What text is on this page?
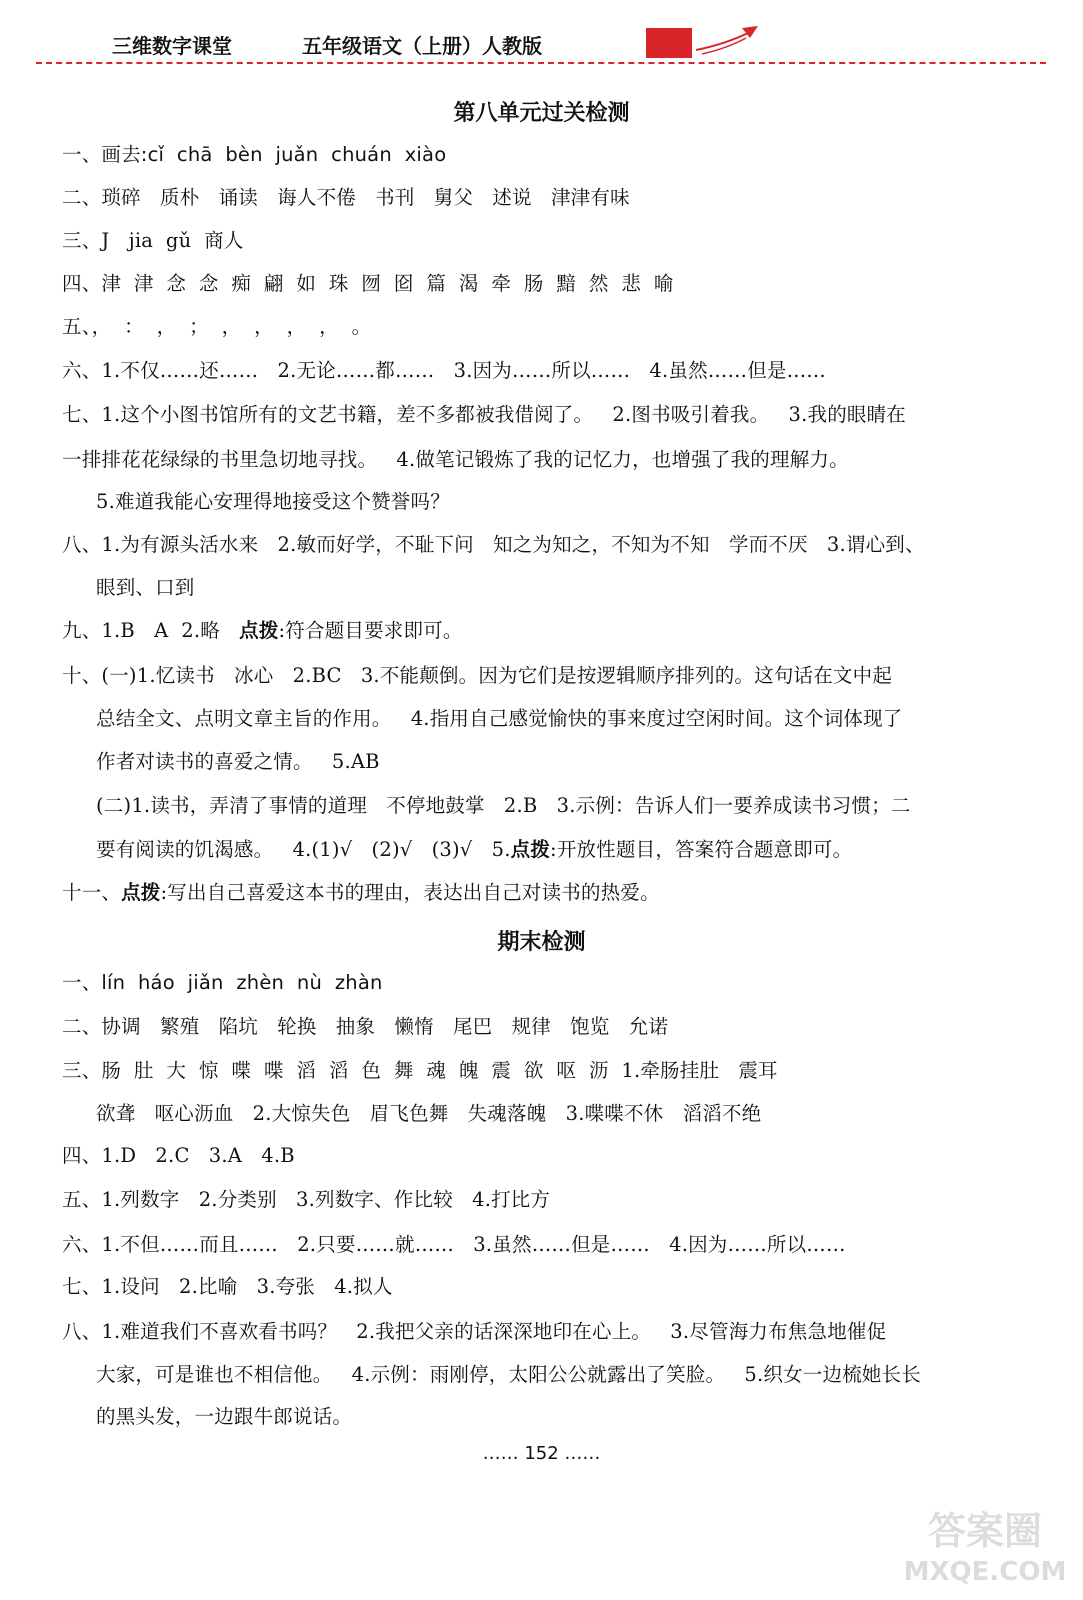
三维数字课堂	五年级语文（上册）人教版
第八单元过关检测
一、画去:cǐ  chā  bèn  juǎn  chuán  xiào
二、琐碎   质朴   诵读   诲人不倦   书刊   舅父   述说   津津有味
三、J   jia  gǔ  商人
四、津  津  念  念  痴  翩  如  珠  囫  囵  篇  渴  牵  肠  黯  然  悲  喻
五、，  ：  ，  ；  ，  ，  ，  ，  。
六、1.不仅……还……   2.无论……都……   3.因为……所以……   4.虽然……但是……
七、1.这个小图书馆所有的文艺书籍，差不多都被我借阅了。   2.图书吸引着我。   3.我的眼睛在
一排排花花绿绿的书里急切地寻找。   4.做笔记锻炼了我的记忆力，也增强了我的理解力。
5.难道我能心安理得地接受这个赞誉吗？
八、1.为有源头活水来   2.敏而好学，不耻下问   知之为知之，不知为不知   学而不厌   3.谓心到、
眼到、口到
九、1.B   A  2.略   点拨:符合题目要求即可。
十、(一)1.忆读书   冰心   2.BC   3.不能颠倒。因为它们是按逻辑顺序排列的。这句话在文中起
总结全文、点明文章主旨的作用。   4.指用自己感觉愉快的事来度过空闲时间。这个词体现了
作者对读书的喜爱之情。   5.AB
(二)1.读书，弄清了事情的道理   不停地鼓掌   2.B   3.示例：告诉人们一要养成读书习惯；二
要有阅读的饥渴感。   4.(1)√   (2)√   (3)√   5.点拨:开放性题目，答案符合题意即可。
十一、点拨:写出自己喜爱这本书的理由，表达出自己对读书的热爱。
期末检测
一、lín  háo  jiǎn  zhèn  nù  zhàn
二、协调   繁殖   陷坑   轮换   抽象   懒惰   尾巴   规律   饱览   允诺
三、肠  肚  大  惊  喋  喋  滔  滔  色  舞  魂  魄  震  欲  呕  沥  1.牵肠挂肚   震耳
欲聋   呕心沥血   2.大惊失色   眉飞色舞   失魂落魄   3.喋喋不休   滔滔不绝
四、1.D   2.C   3.A   4.B
五、1.列数字   2.分类别   3.列数字、作比较   4.打比方
六、1.不但……而且……   2.只要……就……   3.虽然……但是……   4.因为……所以……
七、1.设问   2.比喻   3.夸张   4.拟人
八、1.难道我们不喜欢看书吗？   2.我把父亲的话深深地印在心上。   3.尽管海力布焦急地催促
大家，可是谁也不相信他。   4.示例：雨刚停，太阳公公就露出了笑脸。   5.织女一边梳她长长
的黑头发，一边跟牛郎说话。
…… 152 ……
答案圈
MXQE.COM
